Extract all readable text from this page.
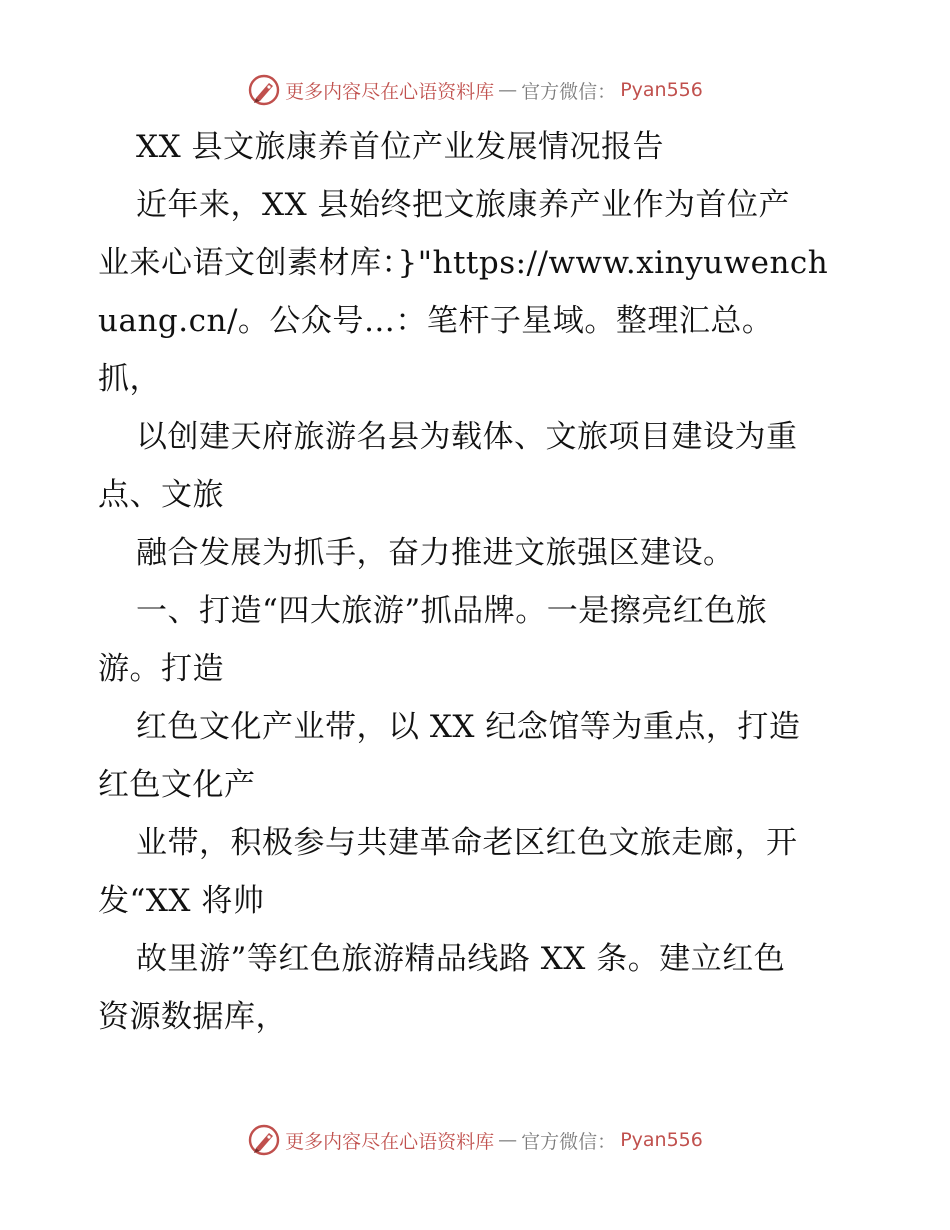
更多内容尽在心语资料库 — 官方微信： Pyan556
XX 县文旅康养首位产业发展情况报告
近年来，XX 县始终把文旅康养产业作为首位产
业来心语文创素材库：}"https://www.xinyuwench
uang.cn/。公众号…：笔杆子星域。整理汇总。
抓，
以创建天府旅游名县为载体、文旅项目建设为重
点、文旅
融合发展为抓手，奋力推进文旅强区建设。
一、打造“四大旅游”抓品牌。一是擦亮红色旅
游。打造
红色文化产业带，以 XX 纪念馆等为重点，打造
红色文化产
业带，积极参与共建革命老区红色文旅走廊，开
发“XX 将帅
故里游”等红色旅游精品线路 XX 条。建立红色
资源数据库，
更多内容尽在心语资料库 — 官方微信： Pyan556
